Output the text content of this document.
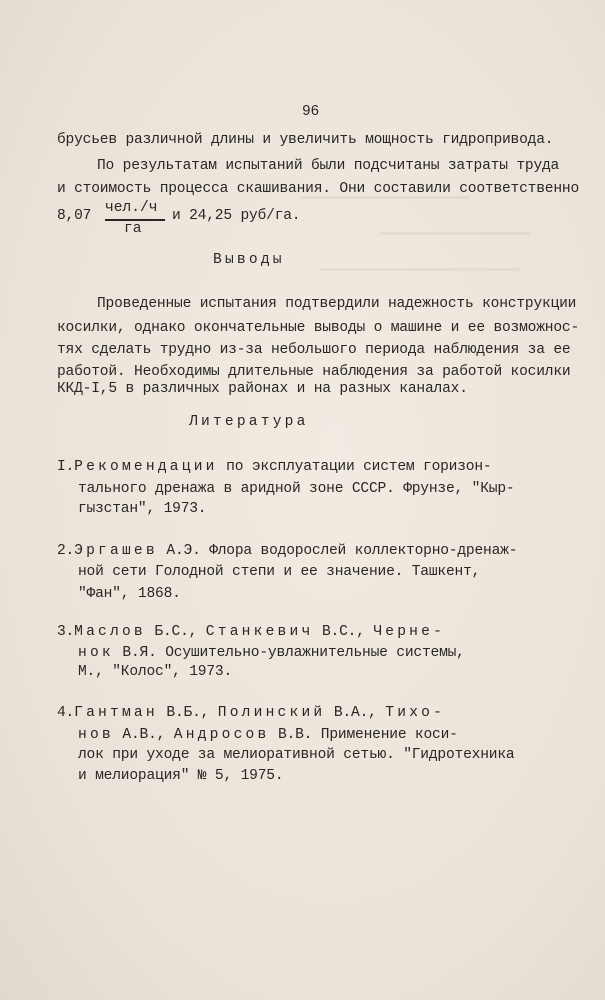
96
брусьев различной длины и увеличить мощность гидропривода.
По результатам испытаний были подсчитаны затраты труда
и стоимость процесса скашивания. Они составили соответственно
8,07 чел./ч
га
и 24,25 руб/га.
Выводы
Проведенные испытания подтвердили надежность конструкции
косилки, однако окончательные выводы о машине и ее возможнос-
тях сделать трудно из-за небольшого периода наблюдения за ее
работой. Необходимы длительные наблюдения за работой косилки
ККД-I,5 в различных районах и на разных каналах.
Литература
I.Рекомендации по эксплуатации систем горизон-
тального дренажа в аридной зоне СССР. Фрунзе, "Кыр-
гызстан", 1973.
2.Эргашев А.Э. Флора водорослей коллекторно-дренаж-
ной сети Голодной степи и ее значение. Ташкент,
"Фан", 1868.
3.Маслов Б.С., Станкевич В.С., Черне-
нок В.Я. Осушительно-увлажнительные системы,
М., "Колос", 1973.
4.Гантман В.Б., Полинский В.А., Тихо-
нов А.В., Андросов В.В. Применение коси-
лок при уходе за мелиоративной сетью. "Гидротехника
и мелиорация" № 5, 1975.
